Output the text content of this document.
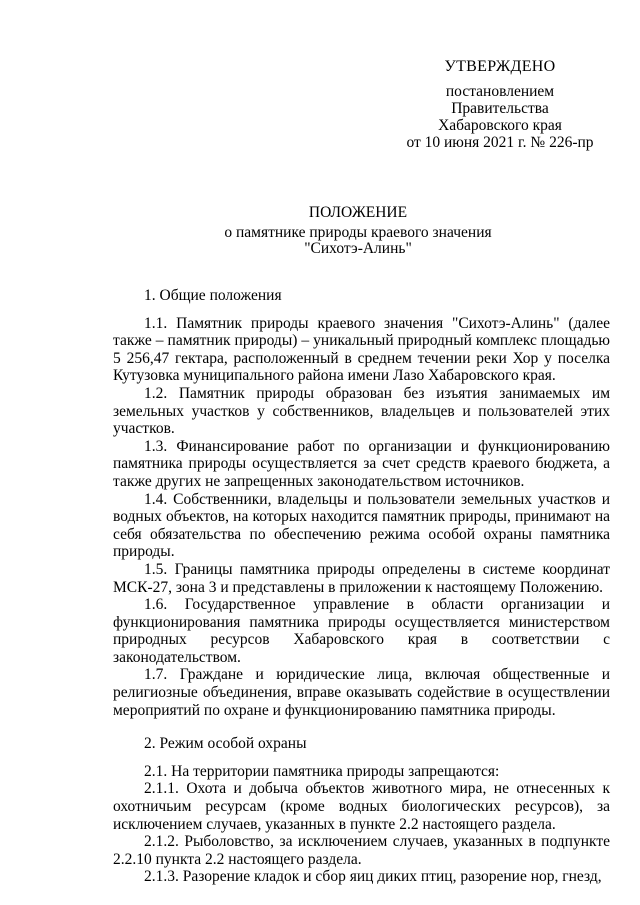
УТВЕРЖДЕНО
постановлением
Правительства
Хабаровского края
от 10 июня 2021 г. № 226-пр
ПОЛОЖЕНИЕ
о памятнике природы краевого значения
"Сихотэ-Алинь"

1. Общие положения

1.1. Памятник природы краевого значения "Сихотэ-Алинь" (далее также – памятник природы) – уникальный природный комплекс площадью 5 256,47 гектара, расположенный в среднем течении реки Хор у поселка Кутузовка муниципального района имени Лазо Хабаровского края.

1.2. Памятник природы образован без изъятия занимаемых им земельных участков у собственников, владельцев и пользователей этих участков.

1.3. Финансирование работ по организации и функционированию памятника природы осуществляется за счет средств краевого бюджета, а также других не запрещенных законодательством источников.

1.4. Собственники, владельцы и пользователи земельных участков и водных объектов, на которых находится памятник природы, принимают на себя обязательства по обеспечению режима особой охраны памятника природы.

1.5. Границы памятника природы определены в системе координат МСК-27, зона 3 и представлены в приложении к настоящему Положению.

1.6. Государственное управление в области организации и функционирования памятника природы осуществляется министерством природных ресурсов Хабаровского края в соответствии с законодательством.

1.7. Граждане и юридические лица, включая общественные и религиозные объединения, вправе оказывать содействие в осуществлении мероприятий по охране и функционированию памятника природы.

2. Режим особой охраны

2.1. На территории памятника природы запрещаются:

2.1.1. Охота и добыча объектов животного мира, не отнесенных к охотничьим ресурсам (кроме водных биологических ресурсов), за исключением случаев, указанных в пункте 2.2 настоящего раздела.

2.1.2. Рыболовство, за исключением случаев, указанных в подпункте 2.2.10 пункта 2.2 настоящего раздела.

2.1.3. Разорение кладок и сбор яиц диких птиц, разорение нор, гнезд,
